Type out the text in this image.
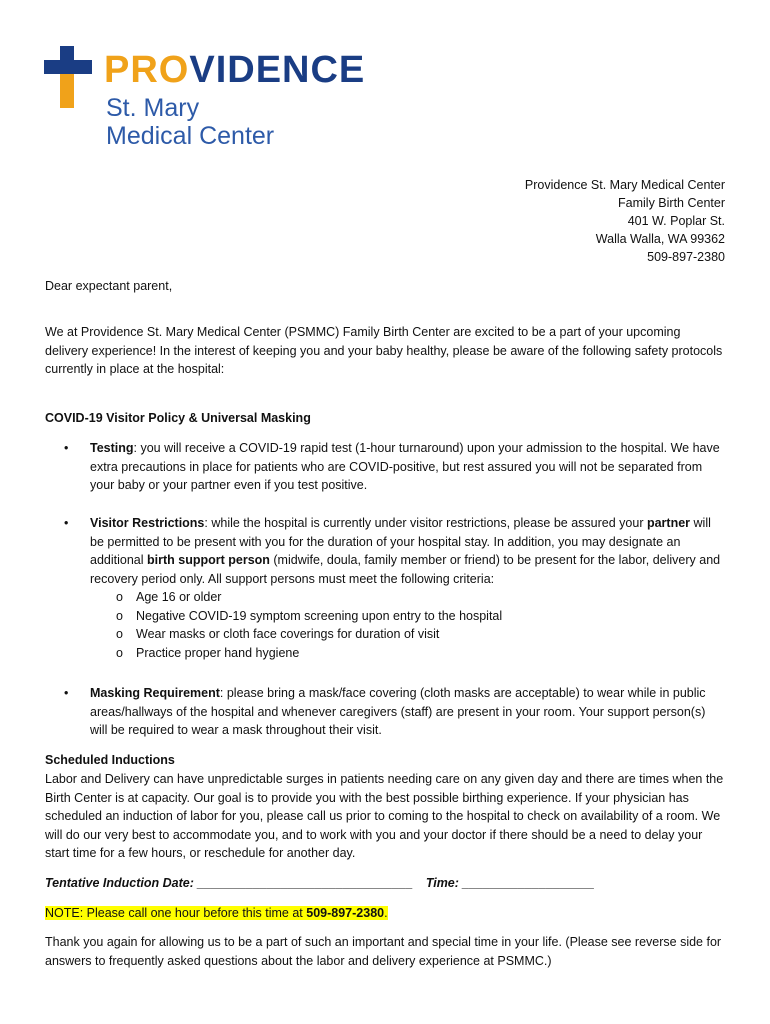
PROVIDENCE
St. Mary
Medical Center
Providence St. Mary Medical Center
Family Birth Center
401 W. Poplar St.
Walla Walla, WA 99362
509-897-2380
Dear expectant parent,
We at Providence St. Mary Medical Center (PSMMC) Family Birth Center are excited to be a part of your upcoming delivery experience! In the interest of keeping you and your baby healthy, please be aware of the following safety protocols currently in place at the hospital:
COVID-19 Visitor Policy & Universal Masking
• Testing: you will receive a COVID-19 rapid test (1-hour turnaround) upon your admission to the hospital. We have extra precautions in place for patients who are COVID-positive, but rest assured you will not be separated from your baby or your partner even if you test positive.
• Visitor Restrictions: while the hospital is currently under visitor restrictions, please be assured your partner will be permitted to be present with you for the duration of your hospital stay. In addition, you may designate an additional birth support person (midwife, doula, family member or friend) to be present for the labor, delivery and recovery period only. All support persons must meet the following criteria:
o Age 16 or older
o Negative COVID-19 symptom screening upon entry to the hospital
o Wear masks or cloth face coverings for duration of visit
o Practice proper hand hygiene
• Masking Requirement: please bring a mask/face covering (cloth masks are acceptable) to wear while in public areas/hallways of the hospital and whenever caregivers (staff) are present in your room. Your support person(s) will be required to wear a mask throughout their visit.
Scheduled Inductions
Labor and Delivery can have unpredictable surges in patients needing care on any given day and there are times when the Birth Center is at capacity. Our goal is to provide you with the best possible birthing experience. If your physician has scheduled an induction of labor for you, please call us prior to coming to the hospital to check on availability of a room. We will do our very best to accommodate you, and to work with you and your doctor if there should be a need to delay your start time for a few hours, or reschedule for another day.
Tentative Induction Date: _______________________________ Time: ___________________
NOTE: Please call one hour before this time at 509-897-2380.
Thank you again for allowing us to be a part of such an important and special time in your life. (Please see reverse side for answers to frequently asked questions about the labor and delivery experience at PSMMC.)
